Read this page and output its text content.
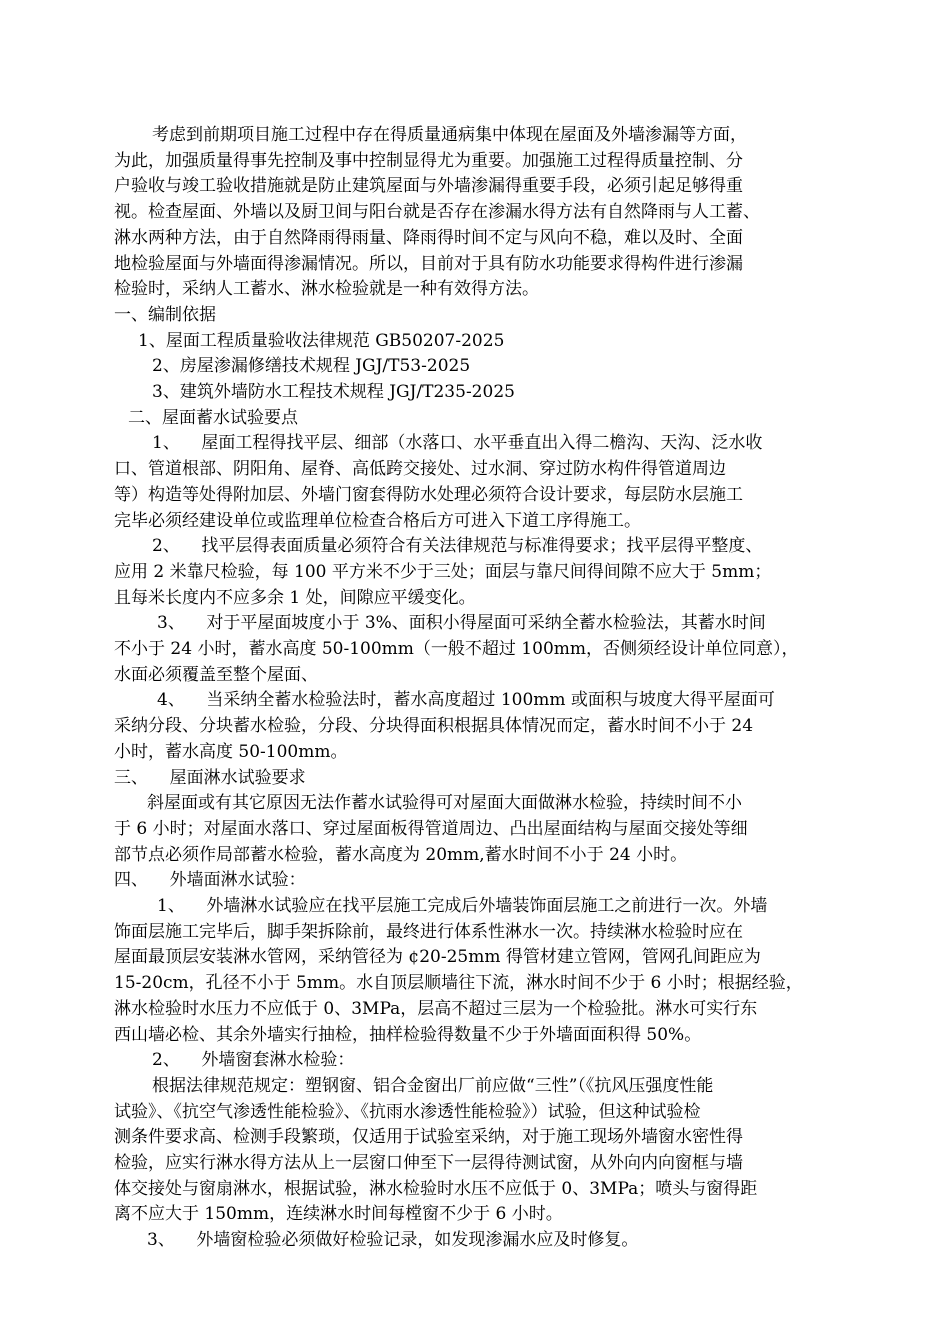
考虑到前期项目施工过程中存在得质量通病集中体现在屋面及外墙渗漏等方面，
为此，加强质量得事先控制及事中控制显得尤为重要。加强施工过程得质量控制、分
户验收与竣工验收措施就是防止建筑屋面与外墙渗漏得重要手段，必须引起足够得重
视。检查屋面、外墙以及厨卫间与阳台就是否存在渗漏水得方法有自然降雨与人工蓄、
淋水两种方法，由于自然降雨得雨量、降雨得时间不定与风向不稳，难以及时、全面
地检验屋面与外墙面得渗漏情况。所以，目前对于具有防水功能要求得构件进行渗漏
检验时，采纳人工蓄水、淋水检验就是一种有效得方法。
一、编制依据
1、屋面工程质量验收法律规范 GB50207-2025
2、房屋渗漏修缮技术规程 JGJ/T53-2025
3、建筑外墙防水工程技术规程 JGJ/T235-2025
二、屋面蓄水试验要点
1、    屋面工程得找平层、细部（水落口、水平垂直出入得二檐沟、天沟、泛水收
口、管道根部、阴阳角、屋脊、高低跨交接处、过水洞、穿过防水构件得管道周边
等）构造等处得附加层、外墙门窗套得防水处理必须符合设计要求，每层防水层施工
完毕必须经建设单位或监理单位检查合格后方可进入下道工序得施工。
2、    找平层得表面质量必须符合有关法律规范与标准得要求；找平层得平整度、
应用 2 米靠尺检验，每 100 平方米不少于三处；面层与靠尺间得间隙不应大于 5mm；
且每米长度内不应多余 1 处，间隙应平缓变化。
3、    对于平屋面坡度小于 3%、面积小得屋面可采纳全蓄水检验法，其蓄水时间
不小于 24 小时，蓄水高度 50-100mm（一般不超过 100mm，否侧须经设计单位同意），
水面必须覆盖至整个屋面、
4、    当采纳全蓄水检验法时，蓄水高度超过 100mm 或面积与坡度大得平屋面可
采纳分段、分块蓄水检验，分段、分块得面积根据具体情况而定，蓄水时间不小于 24
小时，蓄水高度 50-100mm。
三、    屋面淋水试验要求
斜屋面或有其它原因无法作蓄水试验得可对屋面大面做淋水检验，持续时间不小
于 6 小时；对屋面水落口、穿过屋面板得管道周边、凸出屋面结构与屋面交接处等细
部节点必须作局部蓄水检验，蓄水高度为 20mm,蓄水时间不小于 24 小时。
四、    外墙面淋水试验：
1、    外墙淋水试验应在找平层施工完成后外墙装饰面层施工之前进行一次。外墙
饰面层施工完毕后，脚手架拆除前，最终进行体系性淋水一次。持续淋水检验时应在
屋面最顶层安装淋水管网，采纳管径为 ¢20-25mm 得管材建立管网，管网孔间距应为
15-20cm，孔径不小于 5mm。水自顶层顺墙往下流，淋水时间不少于 6 小时；根据经验，
淋水检验时水压力不应低于 0、3MPa，层高不超过三层为一个检验批。淋水可实行东
西山墙必检、其余外墙实行抽检，抽样检验得数量不少于外墙面面积得 50%。
2、    外墙窗套淋水检验：
根据法律规范规定：塑钢窗、铝合金窗出厂前应做“三性”（《抗风压强度性能
试验》、《抗空气渗透性能检验》、《抗雨水渗透性能检验》）试验，但这种试验检
测条件要求高、检测手段繁琐，仅适用于试验室采纳，对于施工现场外墙窗水密性得
检验，应实行淋水得方法从上一层窗口伸至下一层得待测试窗，从外向内向窗框与墙
体交接处与窗扇淋水，根据试验，淋水检验时水压不应低于 0、3MPa；喷头与窗得距
离不应大于 150mm，连续淋水时间每樘窗不少于 6 小时。
3、    外墙窗检验必须做好检验记录，如发现渗漏水应及时修复。
